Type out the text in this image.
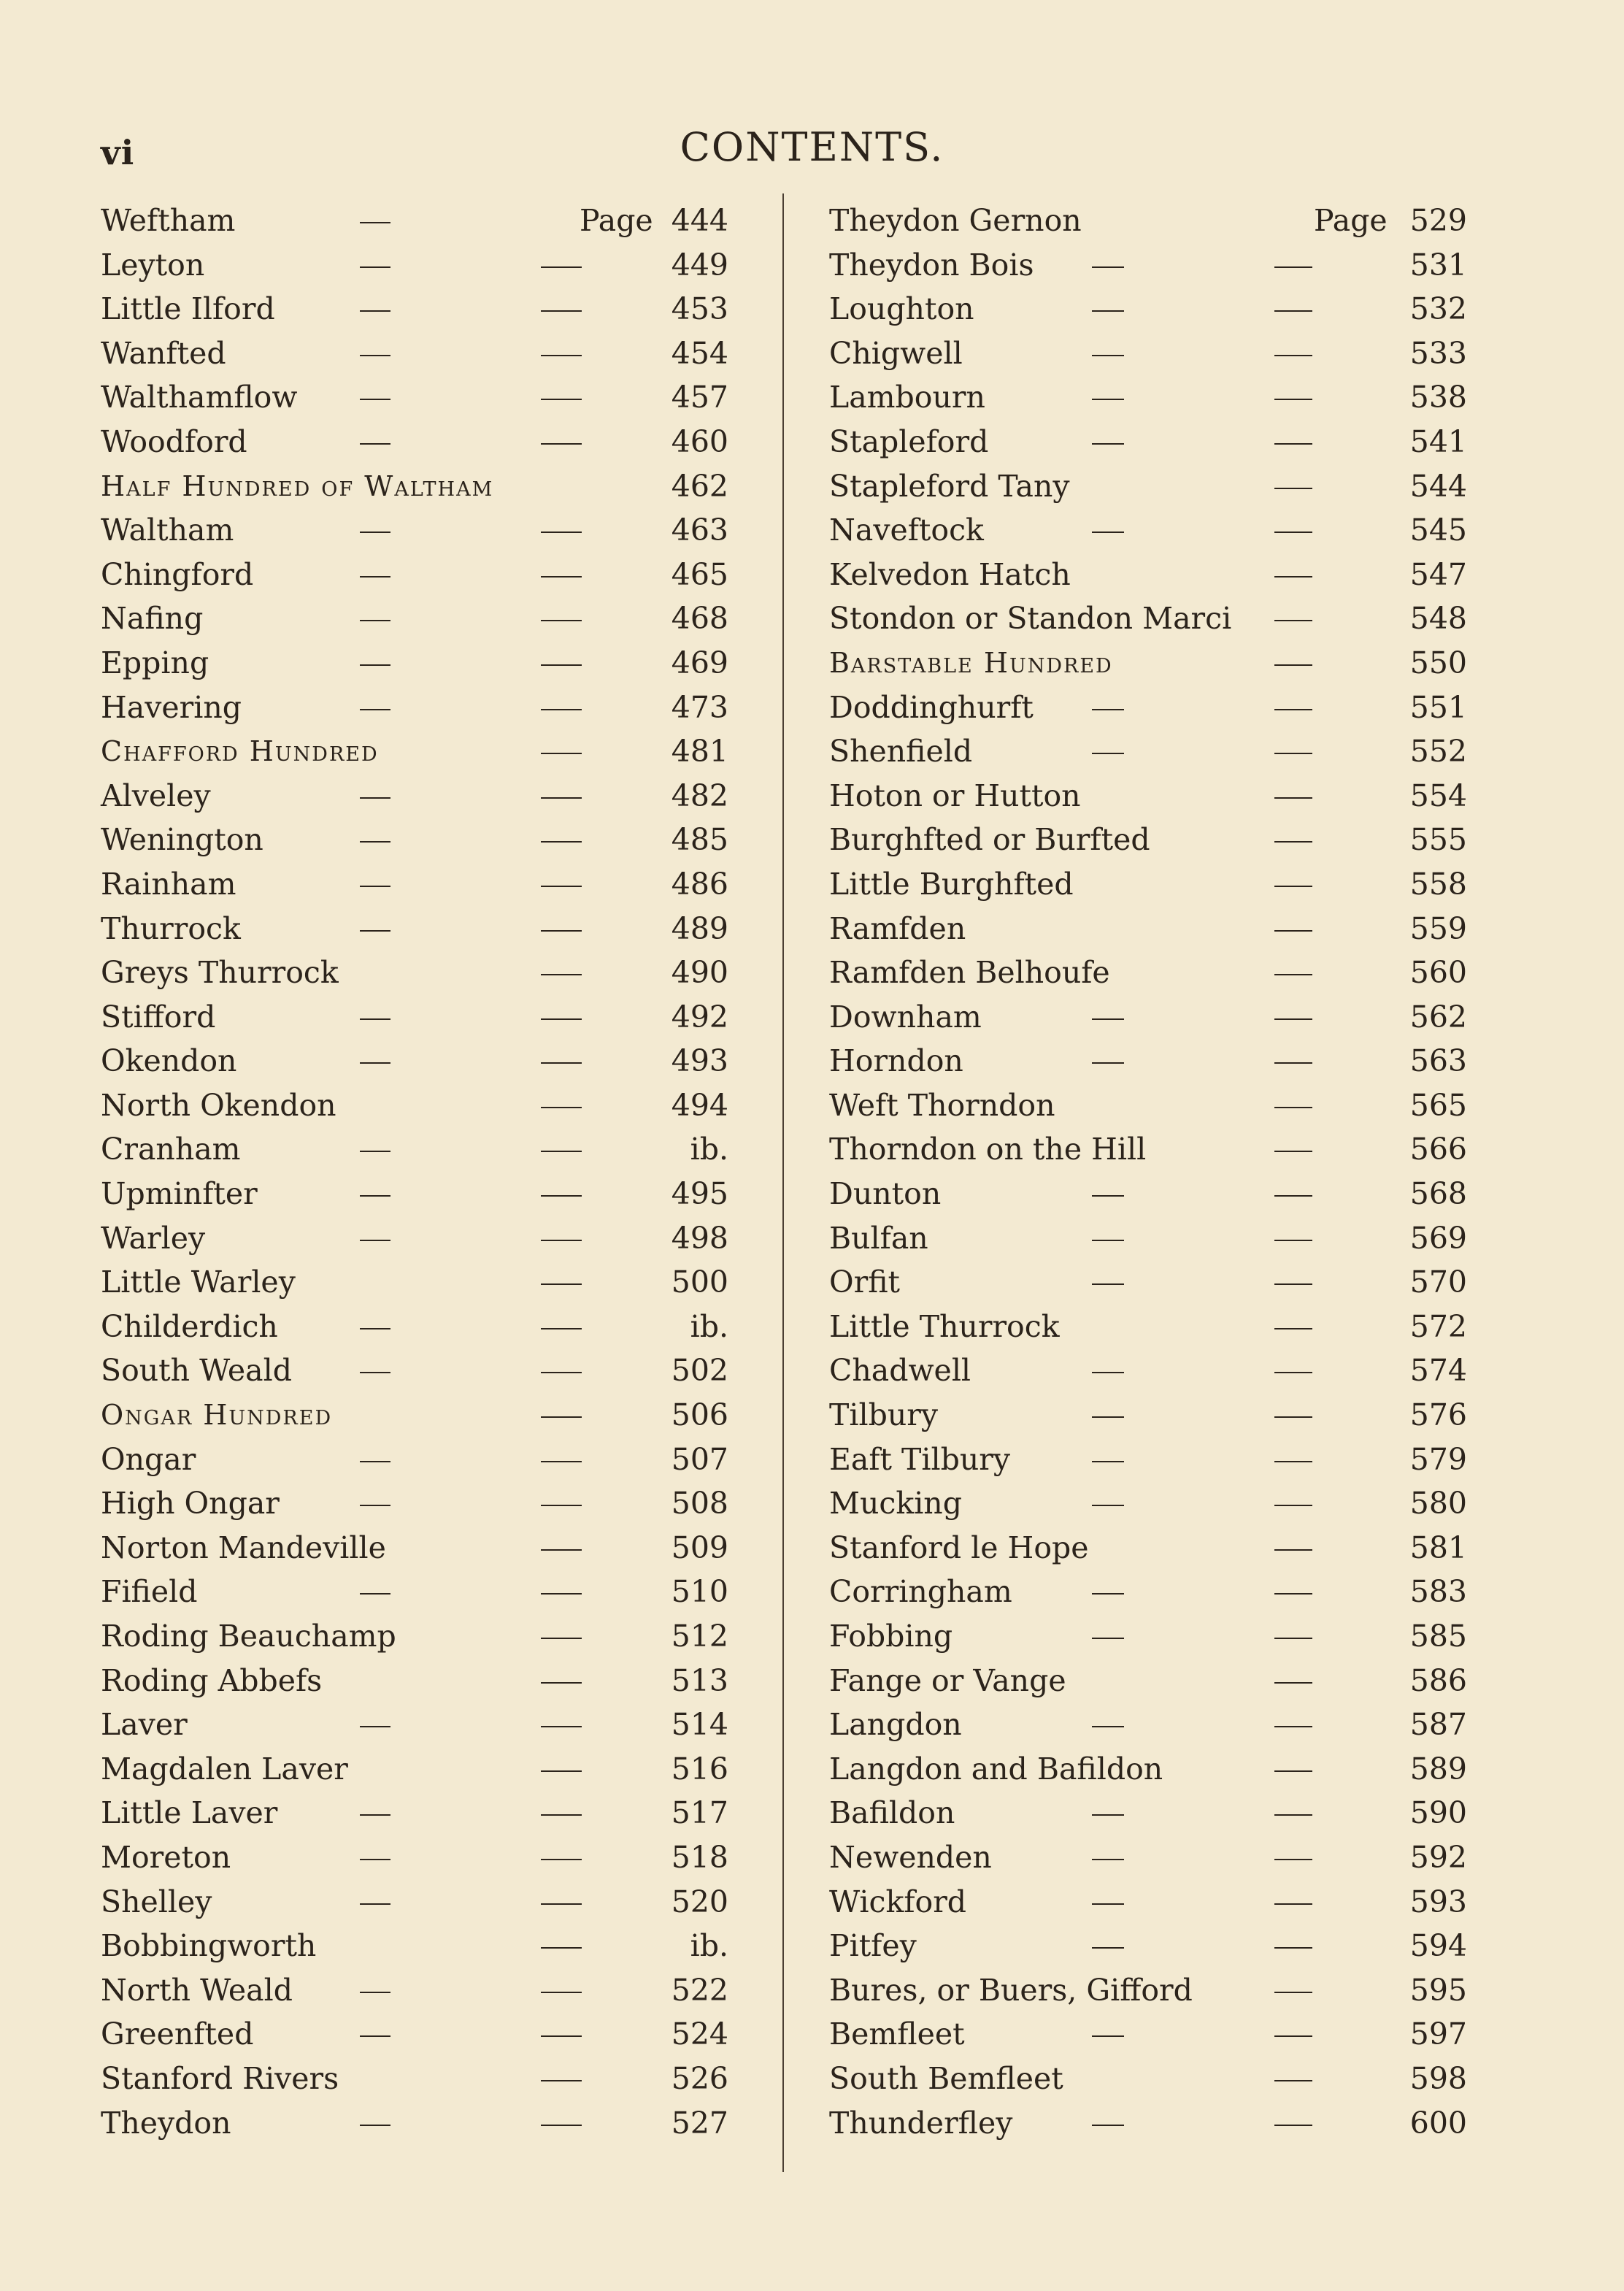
vi	CONTENTS.
Weftham	Page 444
Leyton	449
Little Ilford	453
Wanfted	454
Walthamflow	457
Woodford	460
Half Hundred of Waltham	462
Waltham	463
Chingford	465
Nafing	468
Epping	469
Havering	473
Chafford Hundred	481
Alveley	482
Wenington	485
Rainham	486
Thurrock	489
Greys Thurrock	490
Stifford	492
Okendon	493
North Okendon	494
Cranham	ib.
Upminfter	495
Warley	498
Little Warley	500
Childerdich	ib.
South Weald	502
Ongar Hundred	506
Ongar	507
High Ongar	508
Norton Mandeville	509
Fifield	510
Roding Beauchamp	512
Roding Abbefs	513
Laver	514
Magdalen Laver	516
Little Laver	517
Moreton	518
Shelley	520
Bobbingworth	ib.
North Weald	522
Greenfted	524
Stanford Rivers	526
Theydon	527
Theydon Gernon	Page 529
Theydon Bois	531
Loughton	532
Chigwell	533
Lambourn	538
Stapleford	541
Stapleford Tany	544
Naveftock	545
Kelvedon Hatch	547
Stondon or Standon Marci	548
Barstable Hundred	550
Doddinghurft	551
Shenfield	552
Hoton or Hutton	554
Burghfted or Burfted	555
Little Burghfted	558
Ramfden	559
Ramfden Belhoufe	560
Downham	562
Horndon	563
Weft Thorndon	565
Thorndon on the Hill	566
Dunton	568
Bulfan	569
Orfit	570
Little Thurrock	572
Chadwell	574
Tilbury	576
Eaft Tilbury	579
Mucking	580
Stanford le Hope	581
Corringham	583
Fobbing	585
Fange or Vange	586
Langdon	587
Langdon and Bafildon	589
Bafildon	590
Newenden	592
Wickford	593
Pitfey	594
Bures, or Buers, Gifford	595
Bemfleet	597
South Bemfleet	598
Thunderfley	600
